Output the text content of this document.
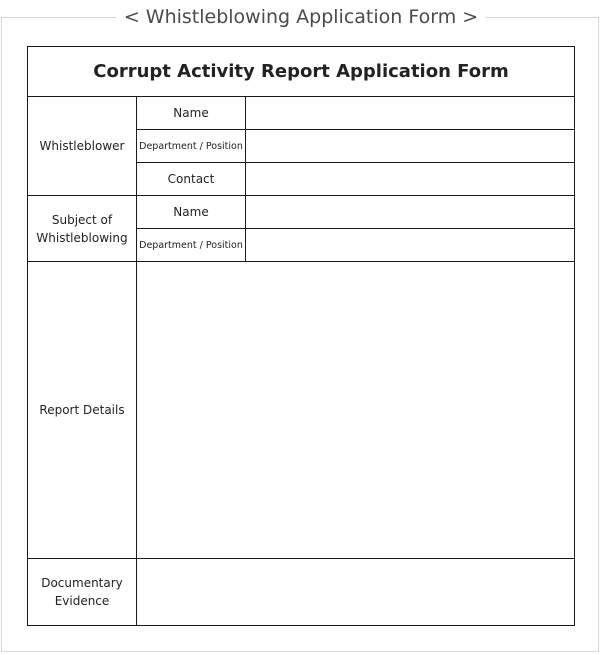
< Whistleblowing Application Form >
Corrupt Activity Report Application Form		
Whistleblower	Name	
	Department / Position	
	Contact	
Subject of Whistleblowing	Name	
	Department / Position	
Report Details		
Documentary Evidence		
